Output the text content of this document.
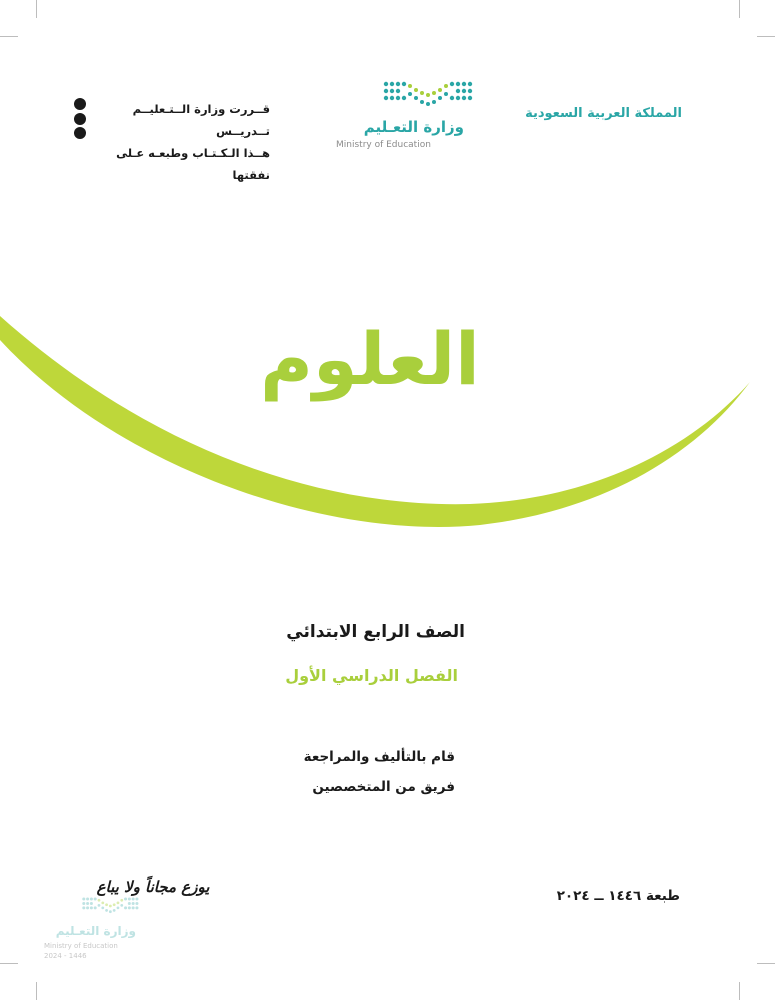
المملكة العربية السعودية
وزارة التعـليم
Ministry of Education
قــررت وزارة الــتـعليــم تــدريــس
هــذا الـكـتـاب وطبعـه عـلى نفقتها
العلوم
الصف الرابع الابتدائي
الفصل الدراسي الأول
قام بالتأليف والمراجعة
فريق من المتخصصين
طبعة ١٤٤٦ ــ ٢٠٢٤
يوزع مجاناً ولا يباع
وزارة التعـليم
Ministry of Education
2024 - 1446
